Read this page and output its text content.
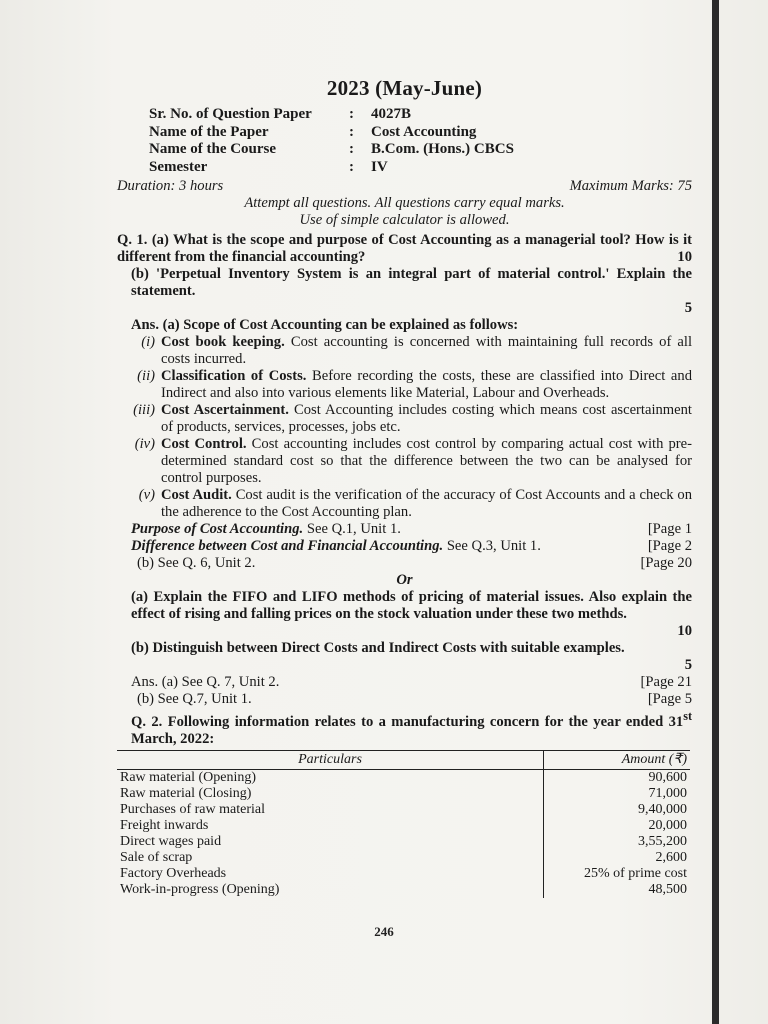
2023 (May-June)
Sr. No. of Question Paper	:	4027B
Name of the Paper	:	Cost Accounting
Name of the Course	:	B.Com. (Hons.) CBCS
Semester	:	IV
Duration: 3 hours	Maximum Marks: 75
Attempt all questions. All questions carry equal marks.
Use of simple calculator is allowed.
Q. 1. (a) What is the scope and purpose of Cost Accounting as a managerial tool? How is it different from the financial accounting?	10
(b) 'Perpetual Inventory System is an integral part of material control.' Explain the statement.
5
Ans. (a) Scope of Cost Accounting can be explained as follows:
(i) Cost book keeping. Cost accounting is concerned with maintaining full records of all costs incurred.
(ii) Classification of Costs. Before recording the costs, these are classified into Direct and Indirect and also into various elements like Material, Labour and Overheads.
(iii) Cost Ascertainment. Cost Accounting includes costing which means cost ascertainment of products, services, processes, jobs etc.
(iv) Cost Control. Cost accounting includes cost control by comparing actual cost with pre-determined standard cost so that the difference between the two can be analysed for control purposes.
(v) Cost Audit. Cost audit is the verification of the accuracy of Cost Accounts and a check on the adherence to the Cost Accounting plan.
Purpose of Cost Accounting. See Q.1, Unit 1.	[Page 1
Difference between Cost and Financial Accounting. See Q.3, Unit 1.	[Page 2
(b) See Q. 6, Unit 2.	[Page 20
Or
(a) Explain the FIFO and LIFO methods of pricing of material issues. Also explain the effect of rising and falling prices on the stock valuation under these two methds.
10
(b) Distinguish between Direct Costs and Indirect Costs with suitable examples.
5
Ans. (a) See Q. 7, Unit 2.	[Page 21
(b) See Q.7, Unit 1.	[Page 5
Q. 2. Following information relates to a manufacturing concern for the year ended 31st March, 2022:
Particulars	Amount (₹)
Raw material (Opening)	90,600
Raw material (Closing)	71,000
Purchases of raw material	9,40,000
Freight inwards	20,000
Direct wages paid	3,55,200
Sale of scrap	2,600
Factory Overheads	25% of prime cost
Work-in-progress (Opening)	48,500
246
